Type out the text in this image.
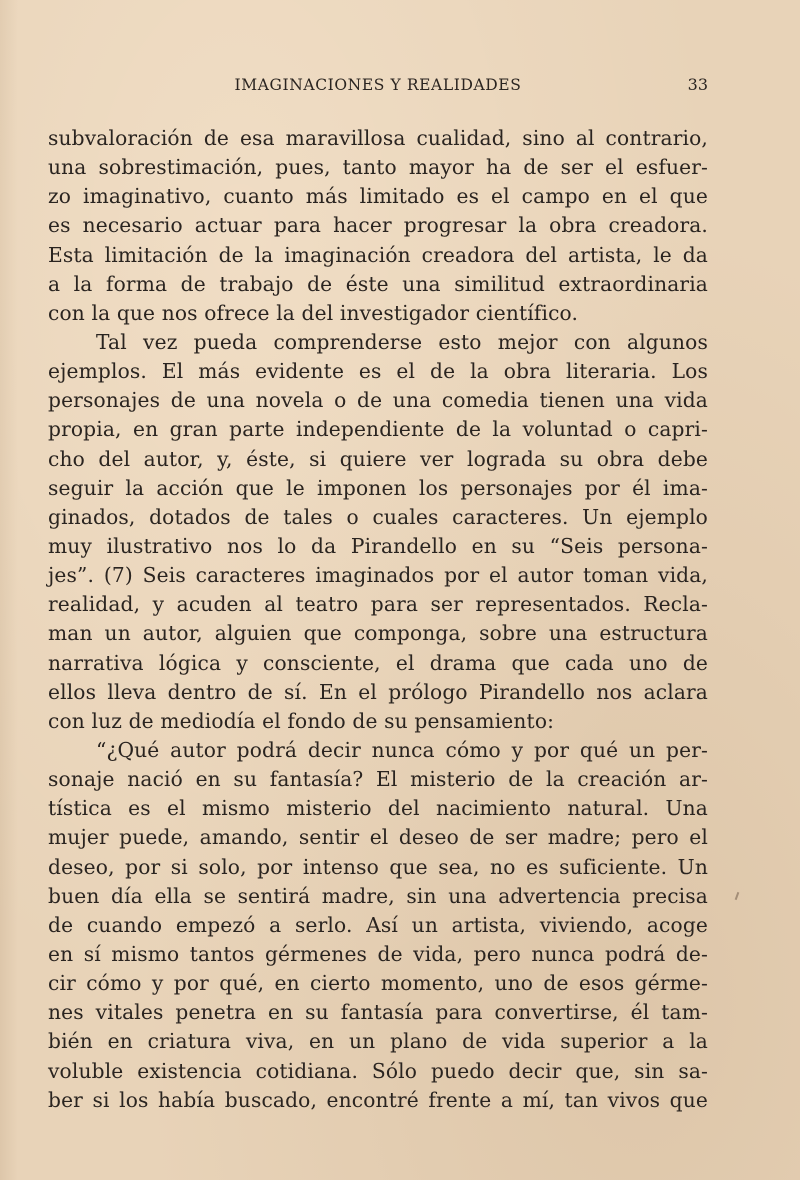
IMAGINACIONES Y REALIDADES	33
subvaloración de esa maravillosa cualidad, sino al contrario,
una sobrestimación, pues, tanto mayor ha de ser el esfuer-
zo imaginativo, cuanto más limitado es el campo en el que
es necesario actuar para hacer progresar la obra creadora.
Esta limitación de la imaginación creadora del artista, le da
a la forma de trabajo de éste una similitud extraordinaria
con la que nos ofrece la del investigador científico.
Tal vez pueda comprenderse esto mejor con algunos
ejemplos. El más evidente es el de la obra literaria. Los
personajes de una novela o de una comedia tienen una vida
propia, en gran parte independiente de la voluntad o capri-
cho del autor, y, éste, si quiere ver lograda su obra debe
seguir la acción que le imponen los personajes por él ima-
ginados, dotados de tales o cuales caracteres. Un ejemplo
muy ilustrativo nos lo da Pirandello en su “Seis persona-
jes”. (7) Seis caracteres imaginados por el autor toman vida,
realidad, y acuden al teatro para ser representados. Recla-
man un autor, alguien que componga, sobre una estructura
narrativa lógica y consciente, el drama que cada uno de
ellos lleva dentro de sí. En el prólogo Pirandello nos aclara
con luz de mediodía el fondo de su pensamiento:
“¿Qué autor podrá decir nunca cómo y por qué un per-
sonaje nació en su fantasía? El misterio de la creación ar-
tística es el mismo misterio del nacimiento natural. Una
mujer puede, amando, sentir el deseo de ser madre; pero el
deseo, por si solo, por intenso que sea, no es suficiente. Un
buen día ella se sentirá madre, sin una advertencia precisa
de cuando empezó a serlo. Así un artista, viviendo, acoge
en sí mismo tantos gérmenes de vida, pero nunca podrá de-
cir cómo y por qué, en cierto momento, uno de esos gérme-
nes vitales penetra en su fantasía para convertirse, él tam-
bién en criatura viva, en un plano de vida superior a la
voluble existencia cotidiana. Sólo puedo decir que, sin sa-
ber si los había buscado, encontré frente a mí, tan vivos que
